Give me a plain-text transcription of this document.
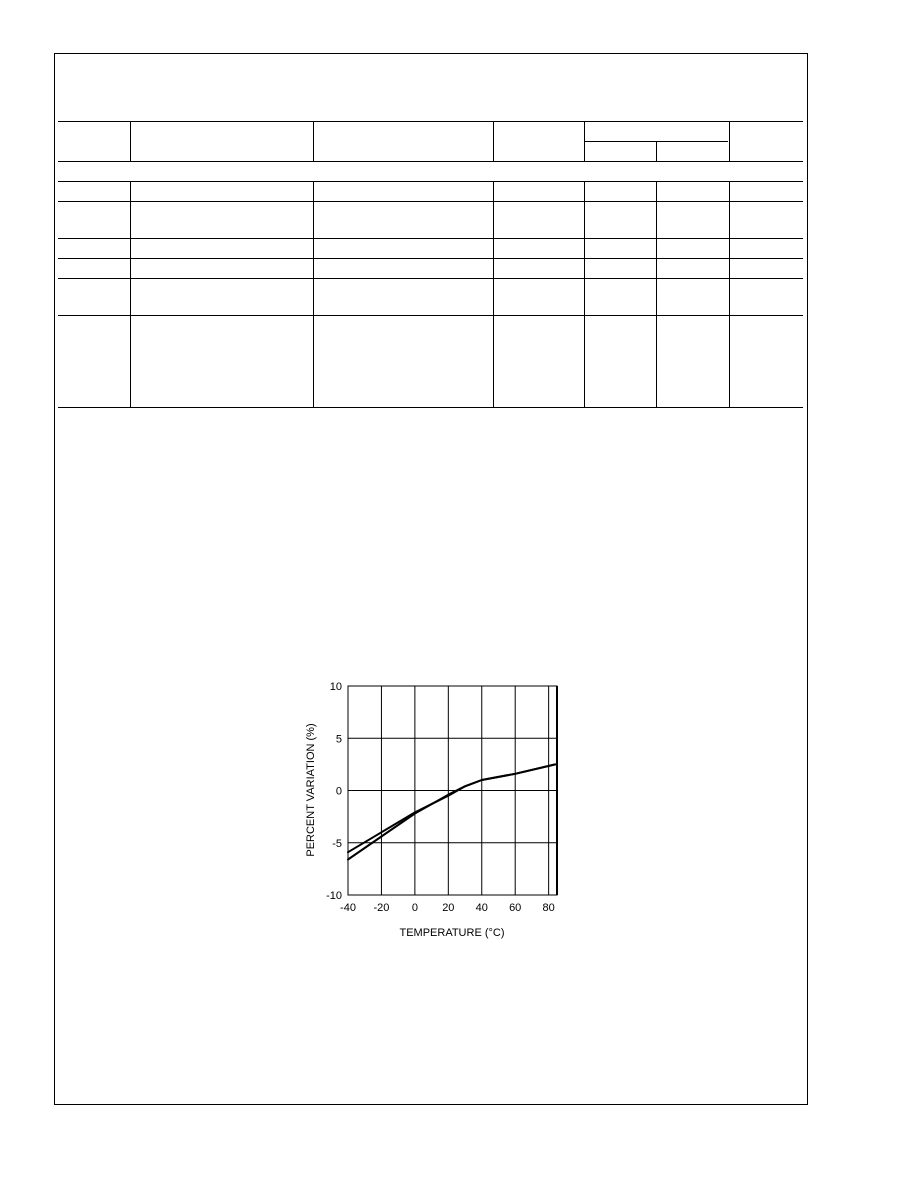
-40 -20 0 20 40 60 80
10
5
0
-5
-10
TEMPERATURE (°C)
PERCENT VARIATION (%)
